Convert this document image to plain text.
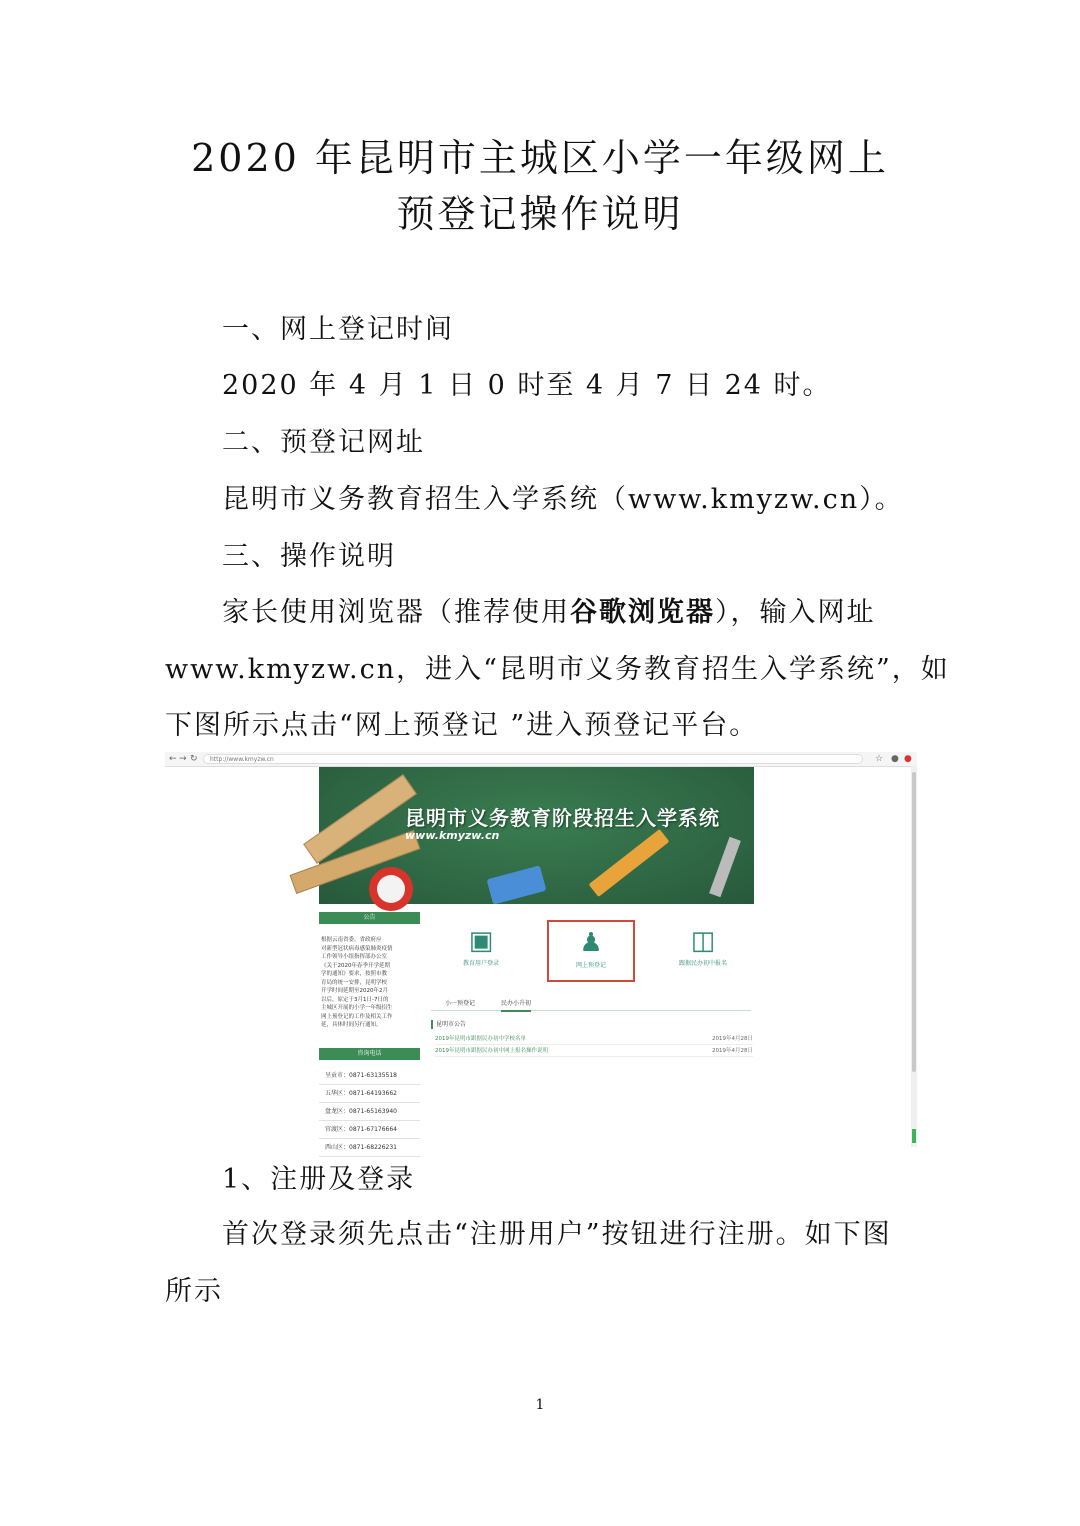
2020 年昆明市主城区小学一年级网上
预登记操作说明
一、网上登记时间
2020 年 4 月 1 日 0 时至 4 月 7 日 24 时。
二、预登记网址
昆明市义务教育招生入学系统（www.kmyzw.cn）。
三、操作说明
家长使用浏览器（推荐使用谷歌浏览器），输入网址
www.kmyzw.cn，进入“昆明市义务教育招生入学系统”，如
下图所示点击“网上预登记 ”进入预登记平台。
← → ↻	http://www.kmyzw.cn	☆ ● ●
昆明市义务教育阶段招生入学系统
www.kmyzw.cn
公告
根据云南省委、省政府应
对新型冠状病毒感染肺炎疫情
工作领导小组指挥部办公室
《关于2020年春季开学延期
学的通知》要求，按照市教
育局的统一安排，昆明学校
开学时间延期至2020年2月
以后，原定于3月1日-7日的
主城区开展的小学一年级招生
网上预登记的工作及相关工作
延，具体时间另行通知。
咨询电话
呈贡市：0871-63135518
五华区：0871-64193662
盘龙区：0871-65163940
官渡区：0871-67176664
西山区：0871-68226231
▣
教育用户登录
♟
网上预登记
◫
跟据民办初中报名
小一预登记	民办小升初
昆明市公告
2019年昆明市跟据民办初中学校名单	2019年4月28日
2019年昆明市跟据民办初中网上报名操作说明	2019年4月28日
1、注册及登录
首次登录须先点击“注册用户”按钮进行注册。如下图
所示
1
